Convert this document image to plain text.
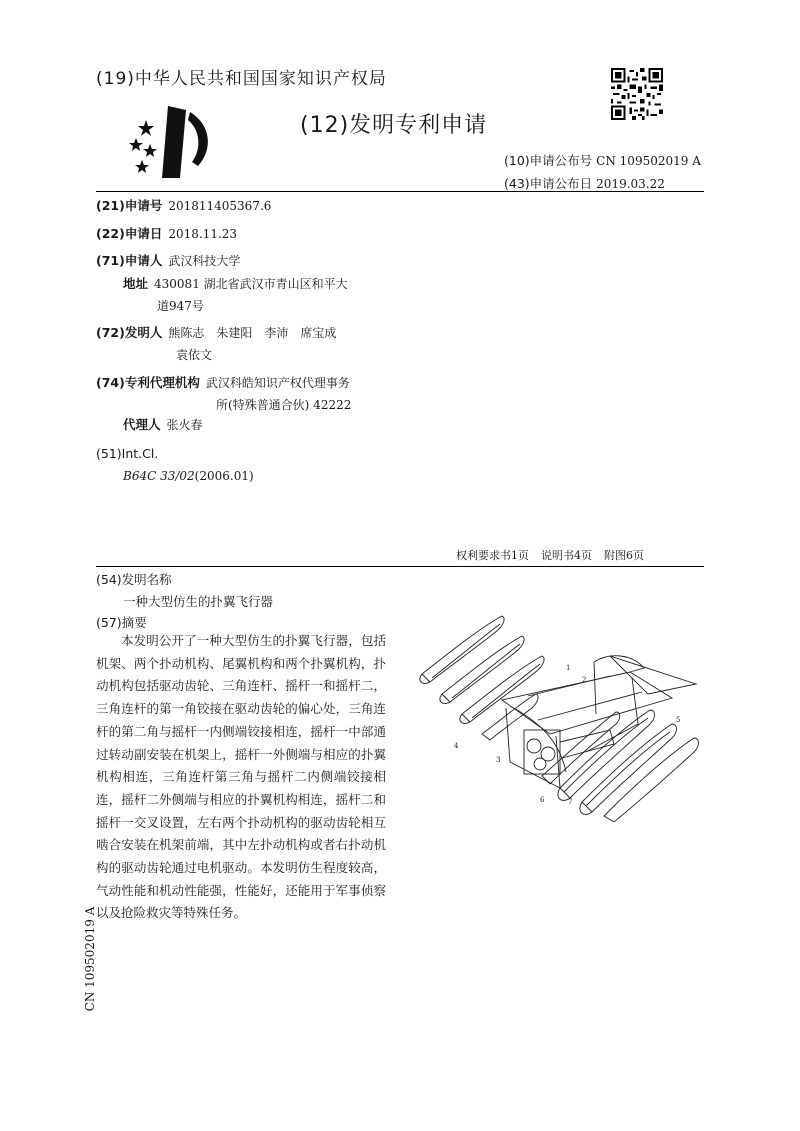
(19)中华人民共和国国家知识产权局
(12)发明专利申请
(10)申请公布号 CN 109502019 A
(43)申请公布日 2019.03.22
(21)申请号 201811405367.6
(22)申请日 2018.11.23
(71)申请人 武汉科技大学
地址 430081 湖北省武汉市青山区和平大
道947号
(72)发明人 熊陈志　朱建阳　李沛　席宝成
袁依文
(74)专利代理机构 武汉科皓知识产权代理事务
所(特殊普通合伙) 42222
代理人 张火春
(51)Int.Cl.
B64C 33/02(2006.01)
权利要求书1页 说明书4页 附图6页
(54)发明名称
一种大型仿生的扑翼飞行器
(57)摘要
本发明公开了一种大型仿生的扑翼飞行器，包括机架、两个扑动机构、尾翼机构和两个扑翼机构，扑动机构包括驱动齿轮、三角连杆、摇杆一和摇杆二，三角连杆的第一角铰接在驱动齿轮的偏心处，三角连杆的第二角与摇杆一内侧端铰接相连，摇杆一中部通过转动副安装在机架上，摇杆一外侧端与相应的扑翼机构相连，三角连杆第三角与摇杆二内侧端铰接相连，摇杆二外侧端与相应的扑翼机构相连，摇杆二和摇杆一交叉设置，左右两个扑动机构的驱动齿轮相互啮合安装在机架前端，其中左扑动机构或者右扑动机构的驱动齿轮通过电机驱动。本发明仿生程度较高，气动性能和机动性能强，性能好，还能用于军事侦察以及抢险救灾等特殊任务。
1
2
3
4
5
6	7
CN 109502019 A
